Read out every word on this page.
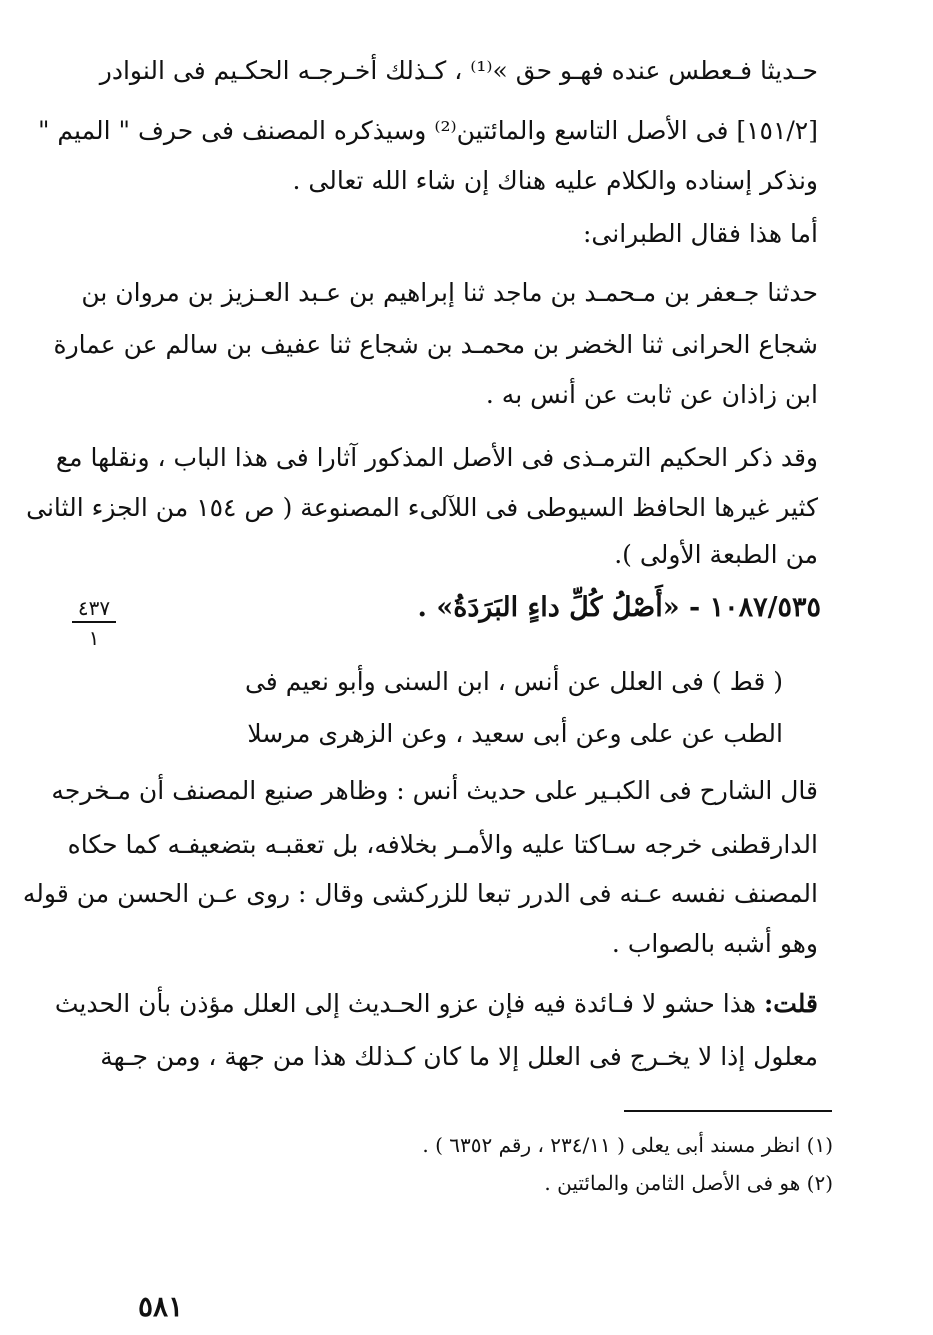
حـديثا فـعطس عنده فهـو حق »⁽¹⁾ ، كـذلك أخـرجـه الحكـيم فى النوادر
[١٥١/٢] فى الأصل التاسع والمائتين⁽²⁾ وسيذكره المصنف فى حرف " الميم "
ونذكر إسناده والكلام عليه هناك إن شاء الله تعالى .
أما هذا فقال الطبرانى:
حدثنا جـعفر بن مـحمـد بن ماجد ثنا إبراهيم بن عـبد العـزيز بن مروان بن
شجاع الحرانى ثنا الخضر بن محمـد بن شجاع ثنا عفيف بن سالم عن عمارة
ابن زاذان عن ثابت عن أنس به .
وقد ذكر الحكيم الترمـذى فى الأصل المذكور آثارا فى هذا الباب ، ونقلها مع
كثير غيرها الحافظ السيوطى فى اللآلىء المصنوعة ( ص ١٥٤ من الجزء الثانى
من الطبعة الأولى ).
١٠٨٧/٥٣٥ - «أَصْلُ كُلِّ داءٍ البَرَدَةُ» .
٤٣٧
١
( قط ) فى العلل عن أنس ، ابن السنى وأبو نعيم فى
الطب عن على وعن أبى سعيد ، وعن الزهرى مرسلا
قال الشارح فى الكبـير على حديث أنس : وظاهر صنيع المصنف أن مـخرجه
الدارقطنى خرجه سـاكتا عليه والأمـر بخلافه، بل تعقبـه بتضعيفـه كما حكاه
المصنف نفسه عـنه فى الدرر تبعا للزركشى وقال : روى عـن الحسن من قوله
وهو أشبه بالصواب .
قلت: هذا حشو لا فـائدة فيه فإن عزو الحـديث إلى العلل مؤذن بأن الحديث
معلول إذا لا يخـرج فى العلل إلا ما كان كـذلك هذا من جهة ، ومن جـهة
(١) انظر مسند أبى يعلى ( ٢٣٤/١١ ، رقم ٦٣٥٢ ) .
(٢) هو فى الأصل الثامن والمائتين .
٥٨١
